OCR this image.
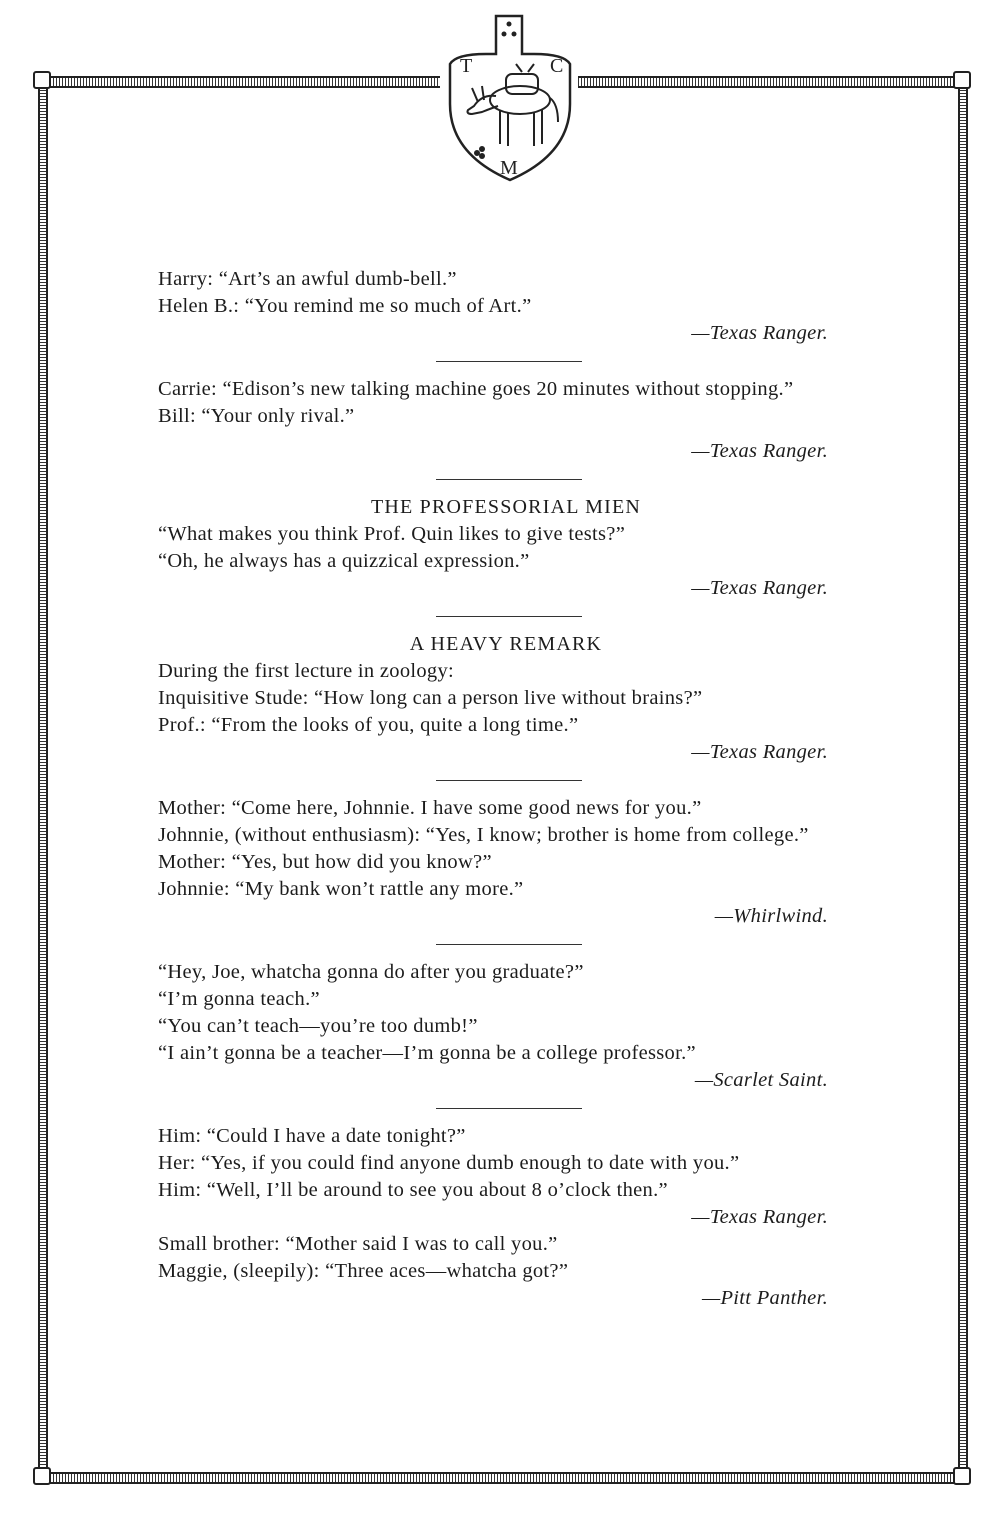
T	C
M

Harry: “Art’s an awful dumb-bell.”

Helen B.: “You remind me so much of Art.”

—Texas Ranger.

Carrie: “Edison’s new talking machine goes 20 minutes without stopping.”

Bill: “Your only rival.”

—Texas Ranger.

THE PROFESSORIAL MIEN

“What makes you think Prof. Quin likes to give tests?”

“Oh, he always has a quizzical expression.”

—Texas Ranger.

A HEAVY REMARK

During the first lecture in zoology:

Inquisitive Stude: “How long can a person live without brains?”

Prof.: “From the looks of you, quite a long time.”

—Texas Ranger.

Mother: “Come here, Johnnie. I have some good news for you.”

Johnnie, (without enthusiasm): “Yes, I know; brother is home from college.”

Mother: “Yes, but how did you know?”

Johnnie: “My bank won’t rattle any more.”

—Whirlwind.

“Hey, Joe, whatcha gonna do after you graduate?”

“I’m gonna teach.”

“You can’t teach—you’re too dumb!”

“I ain’t gonna be a teacher—I’m gonna be a college professor.”

—Scarlet Saint.

Him: “Could I have a date tonight?”

Her: “Yes, if you could find anyone dumb enough to date with you.”

Him: “Well, I’ll be around to see you about 8 o’clock then.”

—Texas Ranger.

Small brother: “Mother said I was to call you.”

Maggie, (sleepily): “Three aces—whatcha got?”

—Pitt Panther.
